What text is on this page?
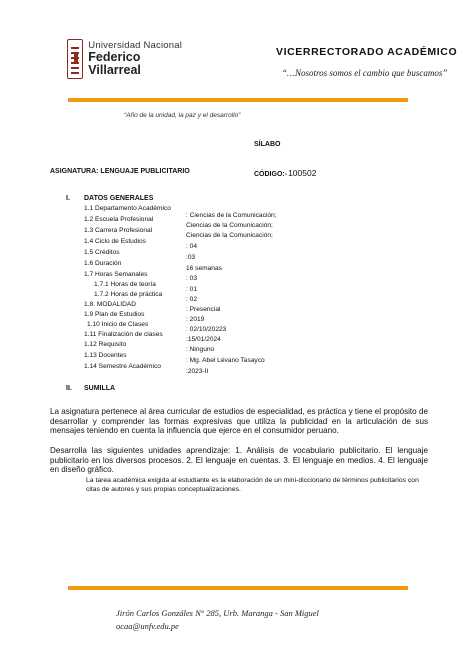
Universidad Nacional
Federico Villarreal
VICERRECTORADO ACADÉMICO
“…Nosotros somos el cambio que buscamos”
“Año de la unidad, la paz y el desarrollo”
SÍLABO
ASIGNATURA: LENGUAJE PUBLICITARIO	CÓDIGO:-100502
I. DATOS GENERALES
1.1 Departamento Académico
1.2 Escuela Profesional
1.3 Carrera Profesional
1.4 Ciclo de Estudios
1.5 Créditos
1.6 Duración
1.7 Horas Semanales
1.7.1 Horas de teoría
1.7.2 Horas de práctica
1.8. MODALIDAD
1.9 Plan de Estudios
1.10 Inicio de Clases
1.11 Finalización de clases
1.12 Requisito
1.13 Docentes
1.14 Semestre Académico
: Ciencias de la Comunicación;
Ciencias de la Comunicación;
Ciencias de la Comunicación;
: 04
:03
16 semanas
: 03
: 01
: 02
: Presencial
: 2019
: 02/10/20223
:15/01/2024
: Ninguno
: Mg. Abel Lévano Tasayco
:2023-II
II. SUMILLA
La asignatura pertenece al área curricular de estudios de especialidad, es práctica y tiene el propósito de desarrollar y comprender las formas expresivas que utiliza la publicidad en la articulación de sus mensajes teniendo en cuenta la influencia que ejerce en el consumidor peruano.
Desarrolla las siguientes unidades aprendizaje: 1. Análisis de vocabulario publicitario. El lenguaje publicitario en los diversos procesos. 2. El lenguaje en cuentas. 3. El lenguaje en medios. 4. El lenguaje en diseño gráfico.
La tarea académica exigida al estudiante es la elaboración de un mini-diccionario de términos publicitarios con citas de autores y sus propias conceptualizaciones.
Jirón Carlos Gonzáles N° 285, Urb. Maranga - San Miguel
ocaa@unfv.edu.pe
